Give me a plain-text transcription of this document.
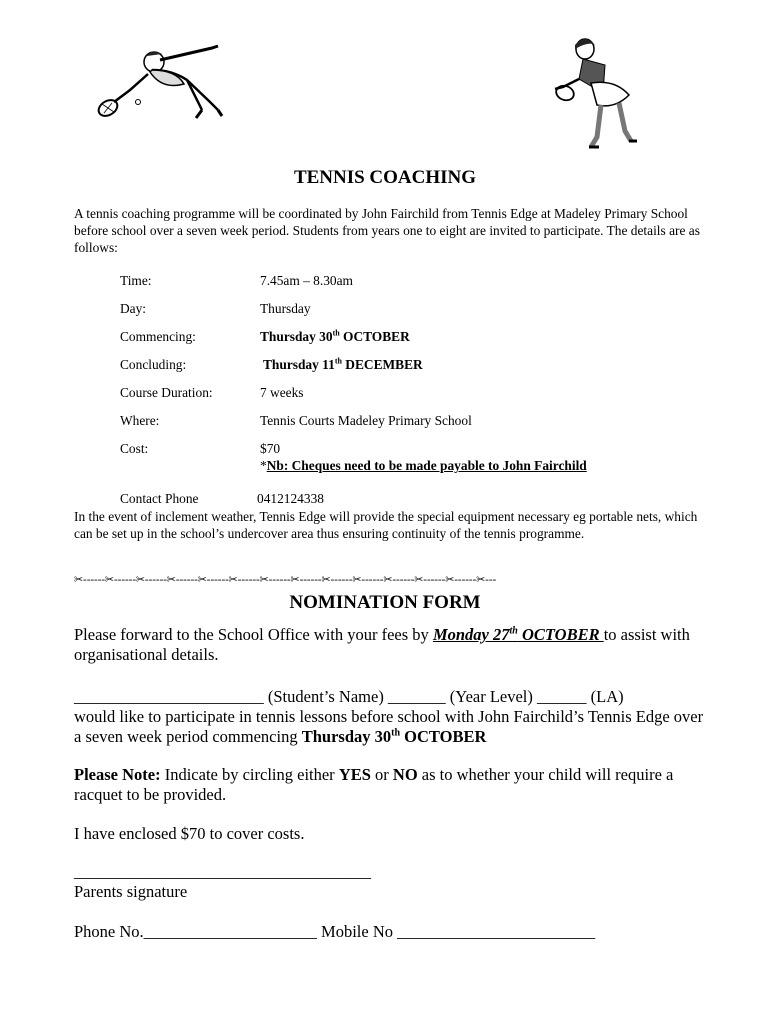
TENNIS COACHING
A tennis coaching programme will be coordinated by John Fairchild from Tennis Edge at Madeley Primary School before school over a seven week period. Students from years one to eight are invited to participate. The details are as follows:
Time:	7.45am – 8.30am
Day:	Thursday
Commencing:	Thursday 30th OCTOBER
Concluding:	Thursday 11th DECEMBER
Course Duration:	7 weeks
Where:	Tennis Courts Madeley Primary School
Cost:	$70
*Nb: Cheques need to be made payable to John Fairchild
Contact Phone	0412124338
In the event of inclement weather, Tennis Edge will provide the special equipment necessary eg portable nets, which can be set up in the school’s undercover area thus ensuring continuity of the tennis programme.
✂------✂------✂------✂------✂------✂------✂------✂------✂------✂------✂------✂------✂------✂---
NOMINATION FORM
Please forward to the School Office with your fees by Monday 27th OCTOBER to assist with organisational details.
_______________________ (Student’s Name) _______ (Year Level) ______ (LA)
would like to participate in tennis lessons before school with John Fairchild’s Tennis Edge over a seven week period commencing Thursday 30th OCTOBER
Please Note: Indicate by circling either YES or NO as to whether your child will require a racquet to be provided.
I have enclosed $70 to cover costs.
____________________________________
Parents signature
Phone No._____________________ Mobile No ________________________
